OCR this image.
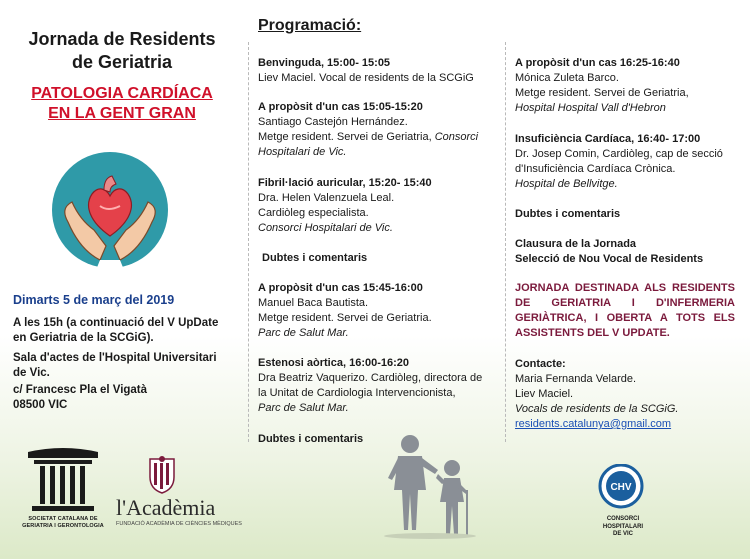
Jornada de Residents
de Geriatria
PATOLOGIA CARDÍACA
EN LA GENT GRAN
Dimarts 5 de març del 2019
A les 15h (a continuació del V UpDate
en Geriatria de la SCGiG).
Sala d'actes de l'Hospital Universitari
de Vic.
c/ Francesc Pla el Vigatà
08500 VIC
SOCIETAT CATALANA DE
GERIATRIA I GERONTOLOGIA
l'Acadèmia
FUNDACIÓ ACADÈMIA DE CIÈNCIES MÈDIQUES
Programació:
Benvinguda, 15:00- 15:05
Liev Maciel. Vocal de residents de la SCGiG
A propòsit d'un cas 15:05-15:20
Santiago Castejón Hernández.
Metge resident. Servei de Geriatria, Consorci
Hospitalari de Vic.
Fibril·lació auricular, 15:20- 15:40
Dra. Helen Valenzuela Leal.
Cardiòleg especialista.
Consorci Hospitalari de Vic.
Dubtes i comentaris
A propòsit d'un cas 15:45-16:00
Manuel Baca Bautista.
Metge resident. Servei de Geriatria.
Parc de Salut Mar.
Estenosi aòrtica, 16:00-16:20
Dra Beatriz Vaquerizo. Cardiòleg, directora de
la Unitat de Cardiologia Intervencionista,
Parc de Salut Mar.
Dubtes i comentaris
A propòsit d'un cas 16:25-16:40
Mónica Zuleta Barco.
Metge resident. Servei de Geriatria,
Hospital Hospital Vall d'Hebron
Insuficiència Cardíaca, 16:40- 17:00
Dr. Josep Comin, Cardiòleg, cap de secció
d'Insuficiència Cardíaca Crònica.
Hospital de Bellvitge.
Dubtes i comentaris
Clausura de la Jornada
Selecció de Nou Vocal de Residents
JORNADA DESTINADA ALS RESIDENTS DE GERIATRIA I D'INFERMERIA GERIÀTRICA, I OBERTA A TOTS ELS ASSISTENTS DEL V UPDATE.
Contacte:
Maria Fernanda Velarde.
Liev Maciel.
Vocals de residents de la SCGiG.
residents.catalunya@gmail.com
CHV
CONSORCI
HOSPITALARI
DE VIC
